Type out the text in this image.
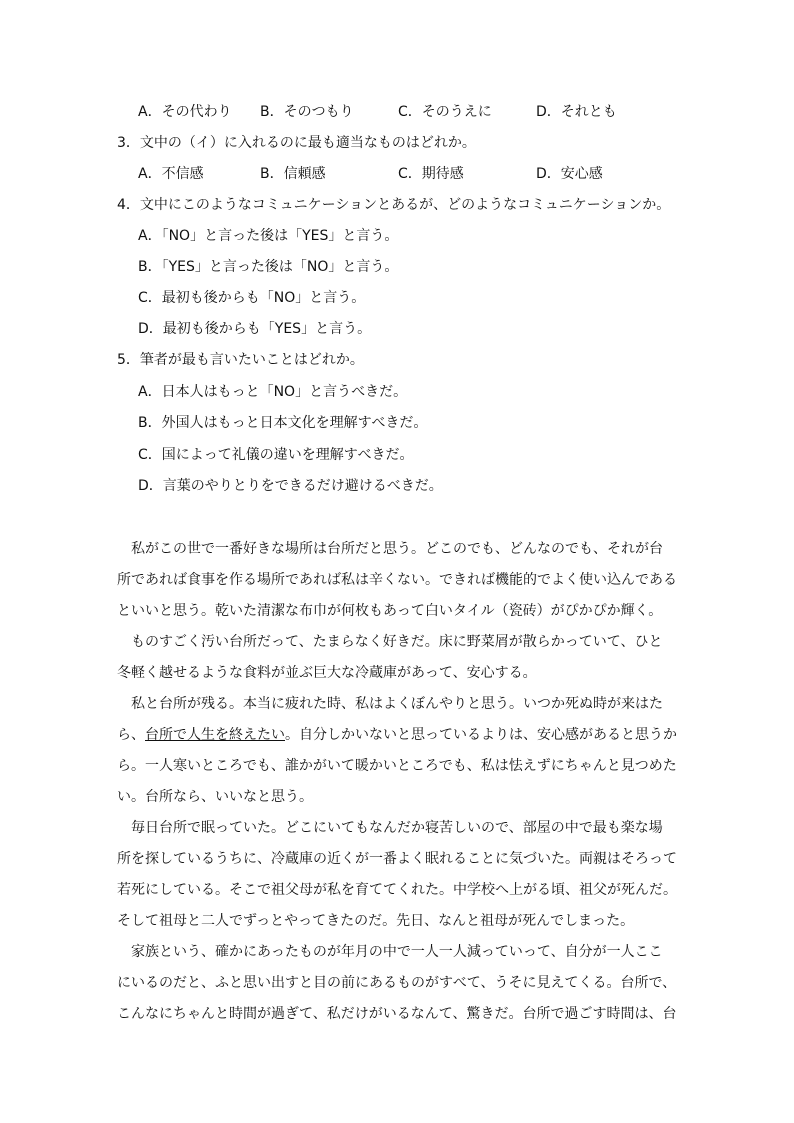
A．その代わり B．そのつもり	C．そのうえに	D．それとも
3．文中の（イ）に入れるのに最も適当なものはどれか。
A．不信感	B．信頼感	C．期待感	D．安心感
4．文中にこのようなコミュニケーションとあるが、どのようなコミュニケーションか。
A．「NO」と言った後は「YES」と言う。
B．「YES」と言った後は「NO」と言う。
C．最初も後からも「NO」と言う。
D．最初も後からも「YES」と言う。
5．筆者が最も言いたいことはどれか。
A．日本人はもっと「NO」と言うべきだ。
B．外国人はもっと日本文化を理解すべきだ。
C．国によって礼儀の違いを理解すべきだ。
D．言葉のやりとりをできるだけ避けるべきだ。
　私がこの世で一番好きな場所は台所だと思う。どこのでも、どんなのでも、それが台
所であれば食事を作る場所であれば私は辛くない。できれば機能的でよく使い込んである
といいと思う。乾いた清潔な布巾が何枚もあって白いタイル（瓷砖）がぴかぴか輝く。
　ものすごく汚い台所だって、たまらなく好きだ。床に野菜屑が散らかっていて、ひと
冬軽く越せるような食料が並ぶ巨大な冷蔵庫があって、安心する。
　私と台所が残る。本当に疲れた時、私はよくぼんやりと思う。いつか死ぬ時が来はた
ら、台所で人生を終えたい。自分しかいないと思っているよりは、安心感があると思うか
ら。一人寒いところでも、誰かがいて暖かいところでも、私は怯えずにちゃんと見つめた
い。台所なら、いいなと思う。
　毎日台所で眠っていた。どこにいてもなんだか寝苦しいので、部屋の中で最も楽な場
所を探しているうちに、冷蔵庫の近くが一番よく眠れることに気づいた。両親はそろって
若死にしている。そこで祖父母が私を育ててくれた。中学校へ上がる頃、祖父が死んだ。
そして祖母と二人でずっとやってきたのだ。先日、なんと祖母が死んでしまった。
　家族という、確かにあったものが年月の中で一人一人減っていって、自分が一人ここ
にいるのだと、ふと思い出すと目の前にあるものがすべて、うそに見えてくる。台所で、
こんなにちゃんと時間が過ぎて、私だけがいるなんて、驚きだ。台所で過ごす時間は、台
